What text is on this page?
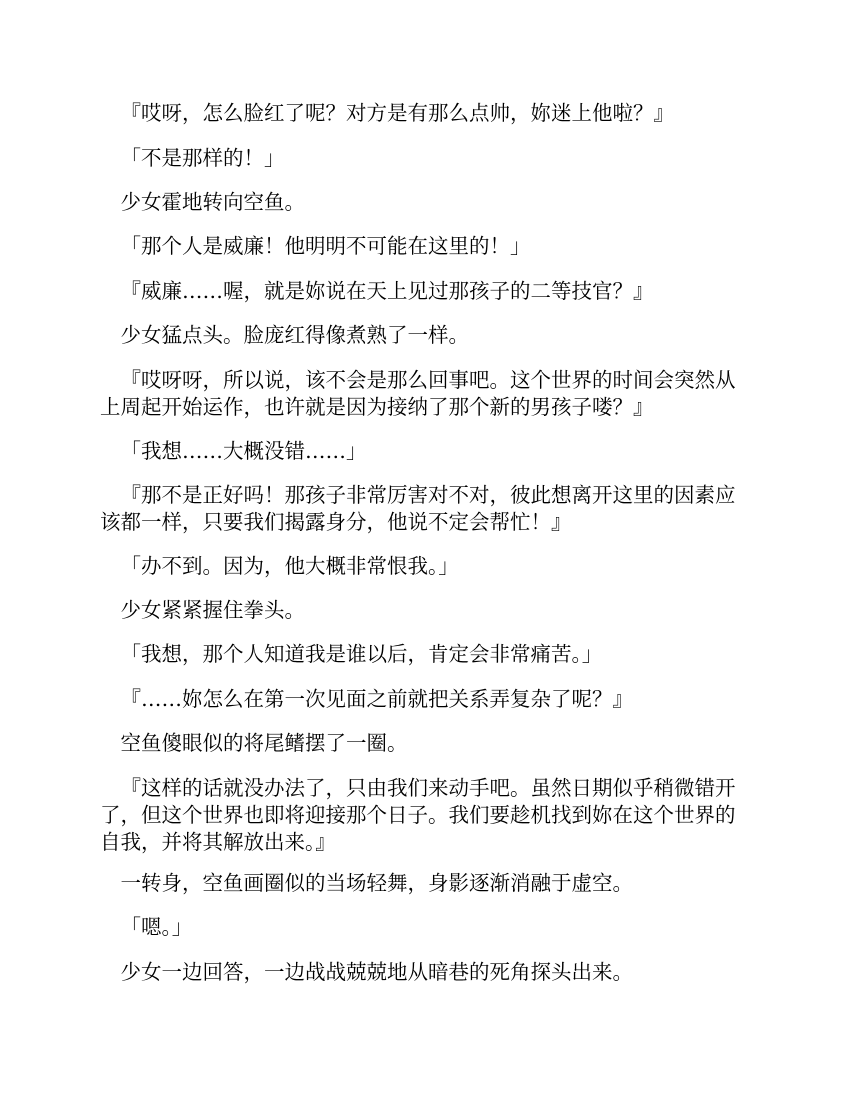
『哎呀，怎么脸红了呢？对方是有那么点帅，妳迷上他啦？』

「不是那样的！」

少女霍地转向空鱼。

「那个人是威廉！他明明不可能在这里的！」

『威廉……喔，就是妳说在天上见过那孩子的二等技官？』

少女猛点头。脸庞红得像煮熟了一样。

『哎呀呀，所以说，该不会是那么回事吧。这个世界的时间会突然从上周起开始运作，也许就是因为接纳了那个新的男孩子喽？』

「我想……大概没错……」

『那不是正好吗！那孩子非常厉害对不对，彼此想离开这里的因素应该都一样，只要我们揭露身分，他说不定会帮忙！』

「办不到。因为，他大概非常恨我。」

少女紧紧握住拳头。

「我想，那个人知道我是谁以后，肯定会非常痛苦。」

『……妳怎么在第一次见面之前就把关系弄复杂了呢？』

空鱼傻眼似的将尾鳍摆了一圈。

『这样的话就没办法了，只由我们来动手吧。虽然日期似乎稍微错开了，但这个世界也即将迎接那个日子。我们要趁机找到妳在这个世界的自我，并将其解放出来。』

一转身，空鱼画圈似的当场轻舞，身影逐渐消融于虚空。

「嗯。」

少女一边回答，一边战战兢兢地从暗巷的死角探头出来。
